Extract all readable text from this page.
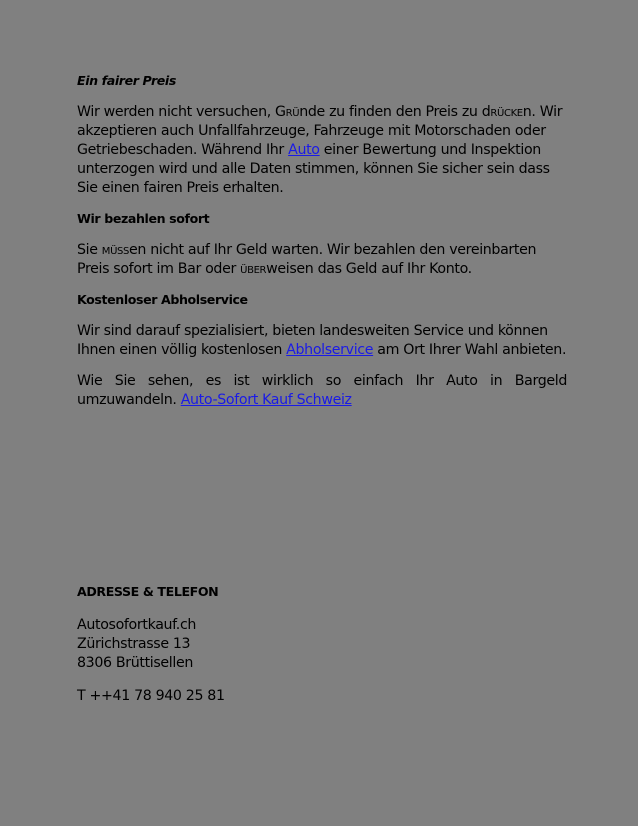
Ein fairer Preis

Wir werden nicht versuchen, Gründe zu finden den Preis zu drücken. Wir akzeptieren auch Unfallfahrzeuge, Fahrzeuge mit Motorschaden oder Getriebeschaden. Während Ihr Auto einer Bewertung und Inspektion unterzogen wird und alle Daten stimmen, können Sie sicher sein dass Sie einen fairen Preis erhalten.

Wir bezahlen sofort

Sie müssen nicht auf Ihr Geld warten. Wir bezahlen den vereinbarten Preis sofort im Bar oder überweisen das Geld auf Ihr Konto.

Kostenloser Abholservice

Wir sind darauf spezialisiert, bieten landesweiten Service und können Ihnen einen völlig kostenlosen Abholservice am Ort Ihrer Wahl anbieten.

Wie Sie sehen, es ist wirklich so einfach Ihr Auto in Bargeld umzuwandeln. Auto-Sofort Kauf Schweiz

ADRESSE & TELEFON

Autosofortkauf.ch

Zürichstrasse 13

8306 Brüttisellen

T ++41 78 940 25 81
